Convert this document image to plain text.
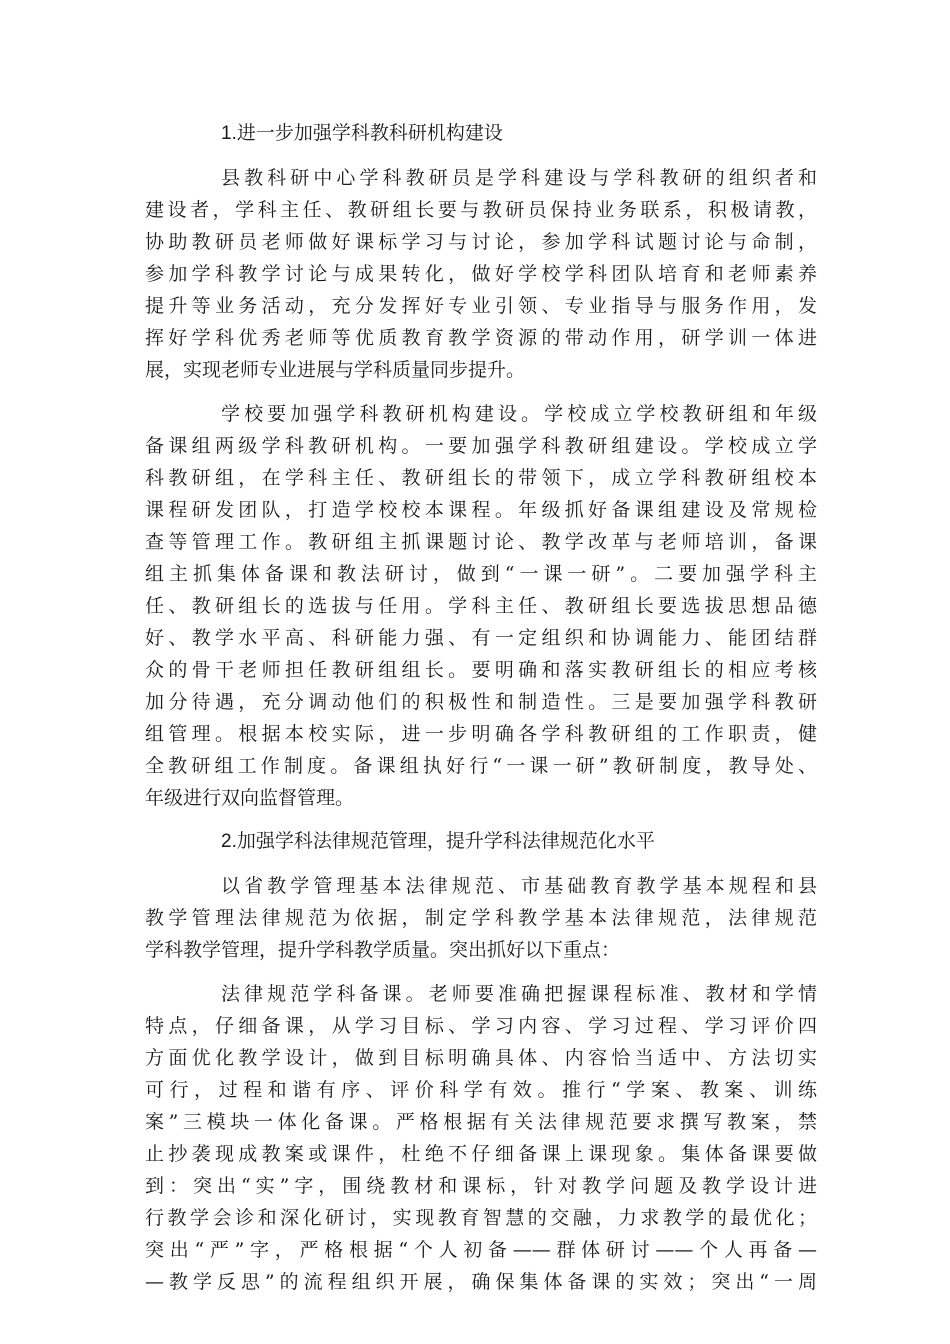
1.进一步加强学科教科研机构建设

县教科研中心学科教研员是学科建设与学科教研的组织者和
建设者，学科主任、教研组长要与教研员保持业务联系，积极请教，
协助教研员老师做好课标学习与讨论，参加学科试题讨论与命制，
参加学科教学讨论与成果转化，做好学校学科团队培育和老师素养
提升等业务活动，充分发挥好专业引领、专业指导与服务作用，发
挥好学科优秀老师等优质教育教学资源的带动作用，研学训一体进
展，实现老师专业进展与学科质量同步提升。
学校要加强学科教研机构建设。学校成立学校教研组和年级
备课组两级学科教研机构。一要加强学科教研组建设。学校成立学
科教研组，在学科主任、教研组长的带领下，成立学科教研组校本
课程研发团队，打造学校校本课程。年级抓好备课组建设及常规检
查等管理工作。教研组主抓课题讨论、教学改革与老师培训，备课
组主抓集体备课和教法研讨，做到“一课一研”。二要加强学科主
任、教研组长的选拔与任用。学科主任、教研组长要选拔思想品德
好、教学水平高、科研能力强、有一定组织和协调能力、能团结群
众的骨干老师担任教研组组长。要明确和落实教研组长的相应考核
加分待遇，充分调动他们的积极性和制造性。三是要加强学科教研
组管理。根据本校实际，进一步明确各学科教研组的工作职责，健
全教研组工作制度。备课组执好行“一课一研”教研制度，教导处、
年级进行双向监督管理。

2.加强学科法律规范管理，提升学科法律规范化水平

以省教学管理基本法律规范、市基础教育教学基本规程和县
教学管理法律规范为依据，制定学科教学基本法律规范，法律规范
学科教学管理，提升学科教学质量。突出抓好以下重点：
法律规范学科备课。老师要准确把握课程标准、教材和学情
特点，仔细备课，从学习目标、学习内容、学习过程、学习评价四
方面优化教学设计，做到目标明确具体、内容恰当适中、方法切实
可行，过程和谐有序、评价科学有效。推行“学案、教案、训练
案”三模块一体化备课。严格根据有关法律规范要求撰写教案，禁
止抄袭现成教案或课件，杜绝不仔细备课上课现象。集体备课要做
到：突出“实”字，围绕教材和课标，针对教学问题及教学设计进
行教学会诊和深化研讨，实现教育智慧的交融，力求教学的最优化；
突出“严”字，严格根据“个人初备——群体研讨——个人再备—
—教学反思”的流程组织开展，确保集体备课的实效；突出“一周
